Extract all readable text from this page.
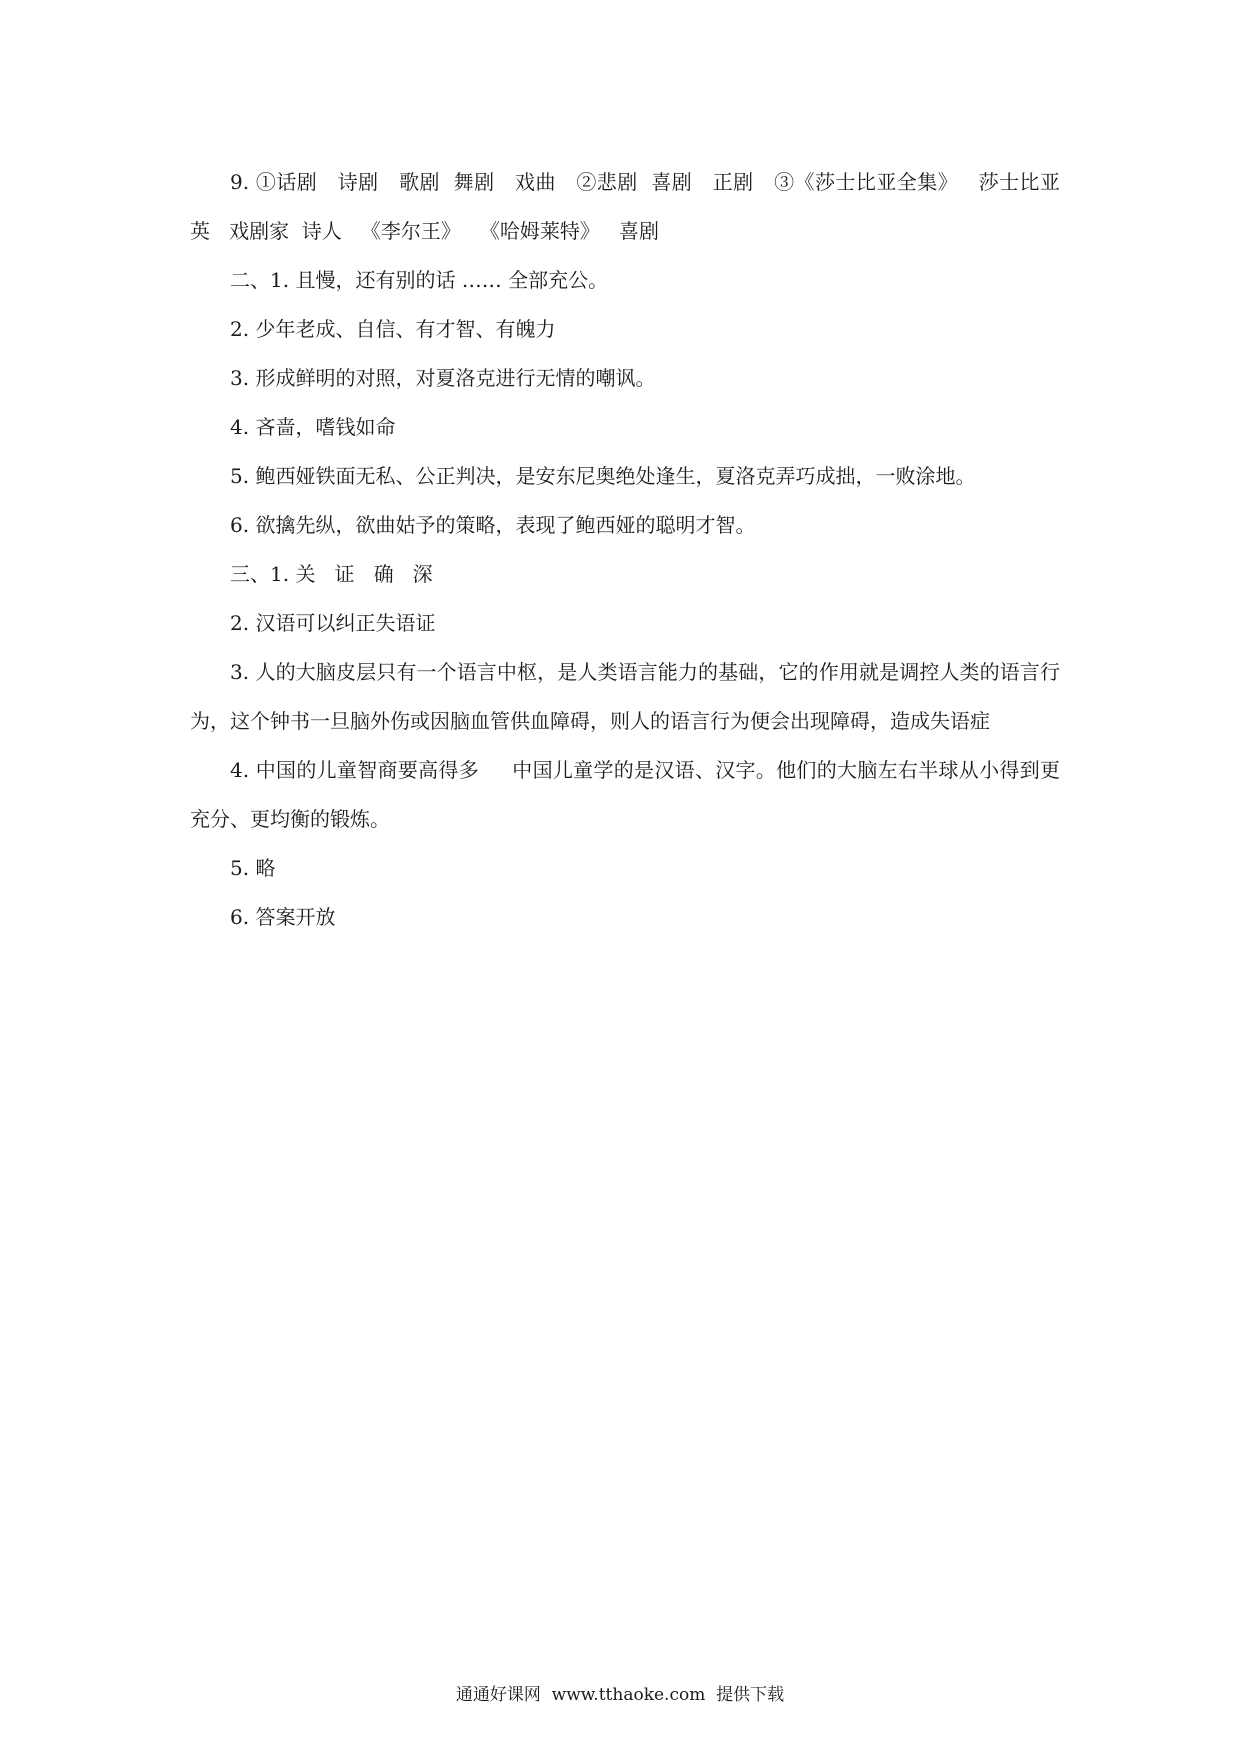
9. ①话剧   诗剧   歌剧  舞剧   戏曲   ②悲剧  喜剧   正剧   ③《莎士比亚全集》   莎士比亚   英   戏剧家  诗人   《李尔王》   《哈姆莱特》   喜剧

二、1. 且慢，还有别的话 …… 全部充公。

2. 少年老成、自信、有才智、有魄力

3. 形成鲜明的对照，对夏洛克进行无情的嘲讽。

4. 吝啬，嗜钱如命

5. 鲍西娅铁面无私、公正判决，是安东尼奥绝处逢生，夏洛克弄巧成拙，一败涂地。

6. 欲擒先纵，欲曲姑予的策略，表现了鲍西娅的聪明才智。

三、1. 关   证   确   深

2. 汉语可以纠正失语证

3. 人的大脑皮层只有一个语言中枢，是人类语言能力的基础，它的作用就是调控人类的语言行为，这个钟书一旦脑外伤或因脑血管供血障碍，则人的语言行为便会出现障碍，造成失语症

4. 中国的儿童智商要高得多     中国儿童学的是汉语、汉字。他们的大脑左右半球从小得到更充分、更均衡的锻炼。

5. 略

6. 答案开放

通通好课网  www.tthaoke.com  提供下载
